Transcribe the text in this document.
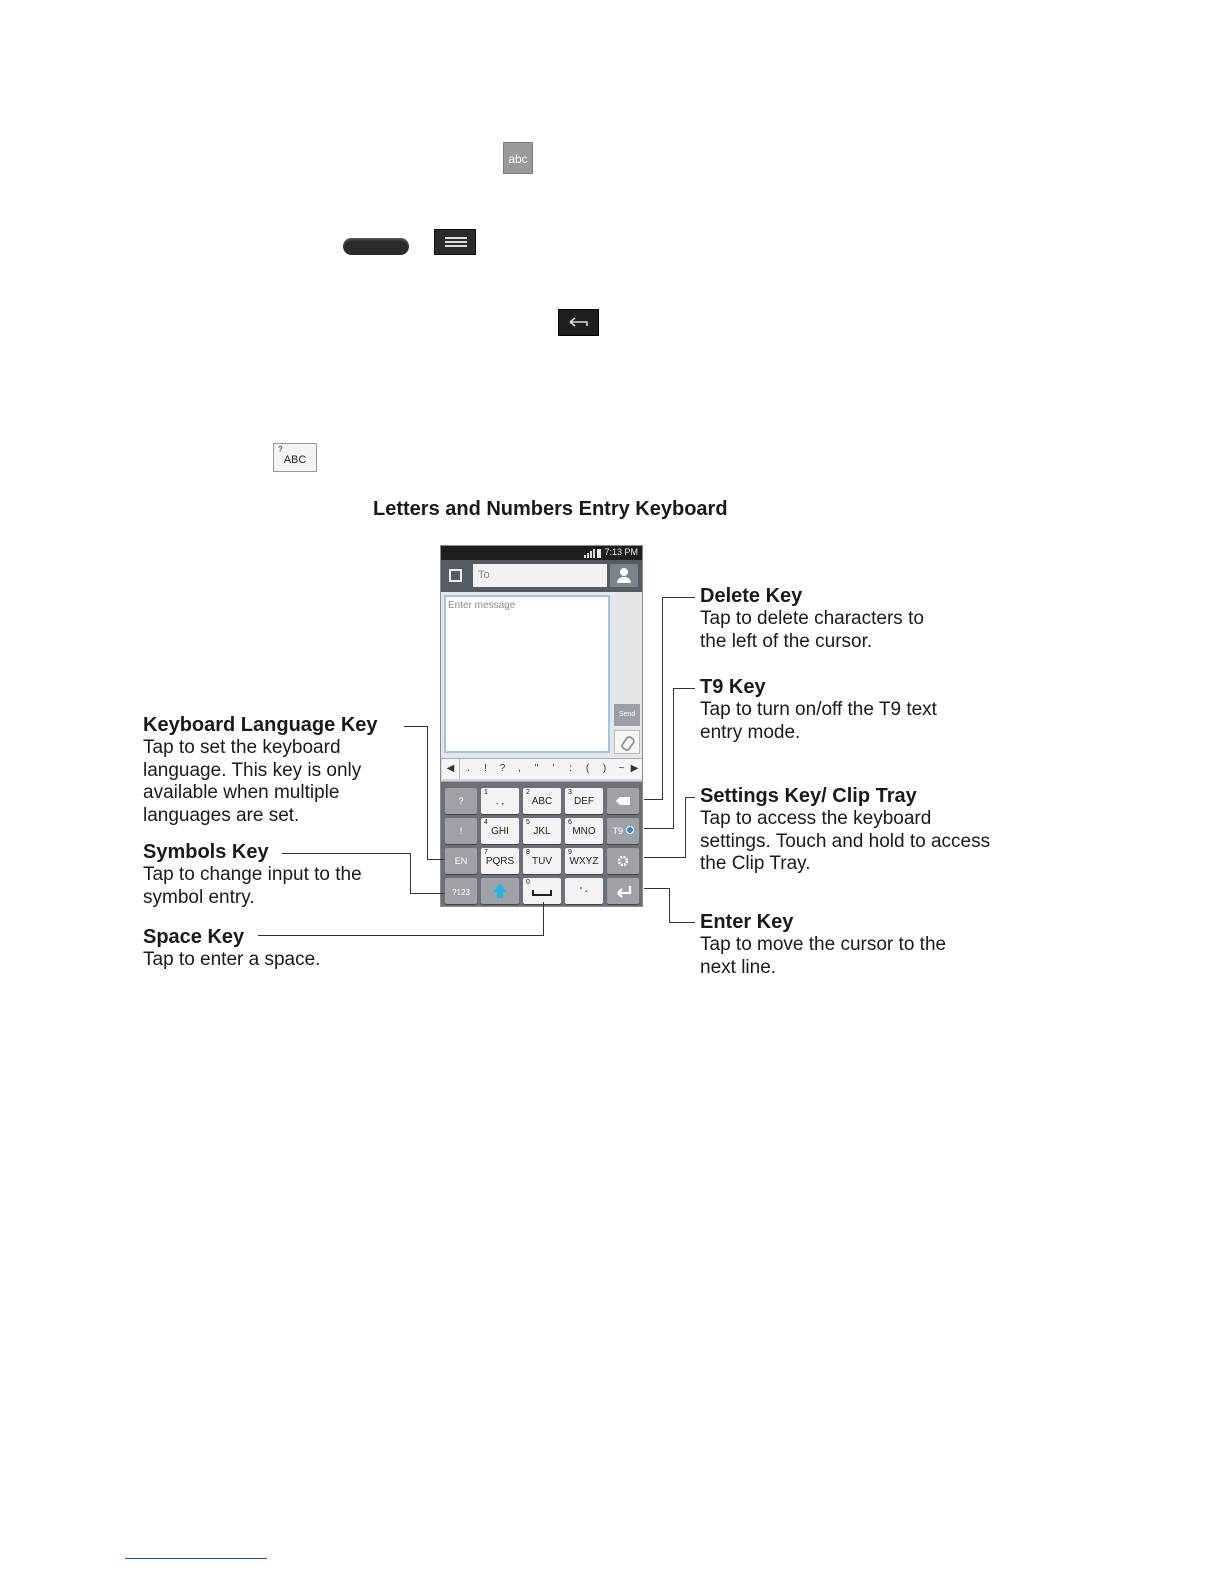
abc
?
ABC
Letters and Numbers Entry Keyboard
7:13 PM
To
Enter message
Send
◀	.	!	?	,	"	'	:	(	)	~ ▶
?
1
. ,
2
ABC
3
DEF
!
4
GHI
5
JKL
6
MNO	T9
EN
7
PQRS
8
TUV
9
WXYZ
?123
0
' -
Delete Key
Tap to delete characters to
the left of the cursor.
T9 Key
Tap to turn on/off the T9 text
entry mode.
Settings Key/ Clip Tray
Tap to access the keyboard
settings. Touch and hold to access
the Clip Tray.
Enter Key
Tap to move the cursor to the
next line.
Keyboard Language Key
Tap to set the keyboard
language. This key is only
available when multiple
languages are set.
Symbols Key
Tap to change input to the
symbol entry.
Space Key
Tap to enter a space.
